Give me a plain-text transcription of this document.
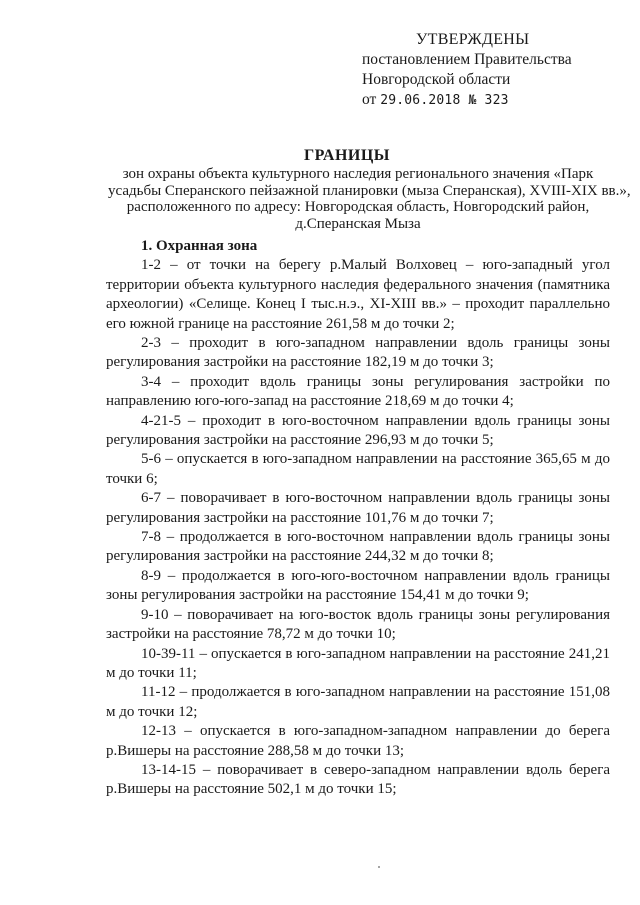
УТВЕРЖДЕНЫ
постановлением Правительства
Новгородской области
от 29.06.2018 № 323
ГРАНИЦЫ
зон охраны объекта культурного наследия регионального значения «Парк
усадьбы Сперанского пейзажной планировки (мыза Сперанская), XVIII-XIX вв.»,
расположенного по адресу: Новгородская область, Новгородский район,
д.Сперанская Мыза
1. Охранная зона

1-2 – от точки на берегу р.Малый Волховец – юго-западный угол территории объекта культурного наследия федерального значения (памятника археологии) «Селище. Конец I тыс.н.э., XI-XIII вв.» – проходит параллельно его южной границе на расстояние 261,58 м до точки 2;

2-3 – проходит в юго-западном направлении вдоль границы зоны регулирования застройки на расстояние 182,19 м до точки 3;

3-4 – проходит вдоль границы зоны регулирования застройки по направлению юго-юго-запад на расстояние 218,69 м до точки 4;

4-21-5 – проходит в юго-восточном направлении вдоль границы зоны регулирования застройки на расстояние 296,93 м до точки 5;

5-6 – опускается в юго-западном направлении на расстояние 365,65 м до точки 6;

6-7 – поворачивает в юго-восточном направлении вдоль границы зоны регулирования застройки на расстояние 101,76 м до точки 7;

7-8 – продолжается в юго-восточном направлении вдоль границы зоны регулирования застройки на расстояние 244,32 м до точки 8;

8-9 – продолжается в юго-юго-восточном направлении вдоль границы зоны регулирования застройки на расстояние 154,41 м до точки 9;

9-10 – поворачивает на юго-восток вдоль границы зоны регулирования застройки на расстояние 78,72 м до точки 10;

10-39-11 – опускается в юго-западном направлении на расстояние 241,21 м до точки 11;

11-12 – продолжается в юго-западном направлении на расстояние 151,08 м до точки 12;

12-13 – опускается в юго-западном-западном направлении до берега р.Вишеры на расстояние 288,58 м до точки 13;

13-14-15 – поворачивает в северо-западном направлении вдоль берега р.Вишеры на расстояние 502,1 м до точки 15;
